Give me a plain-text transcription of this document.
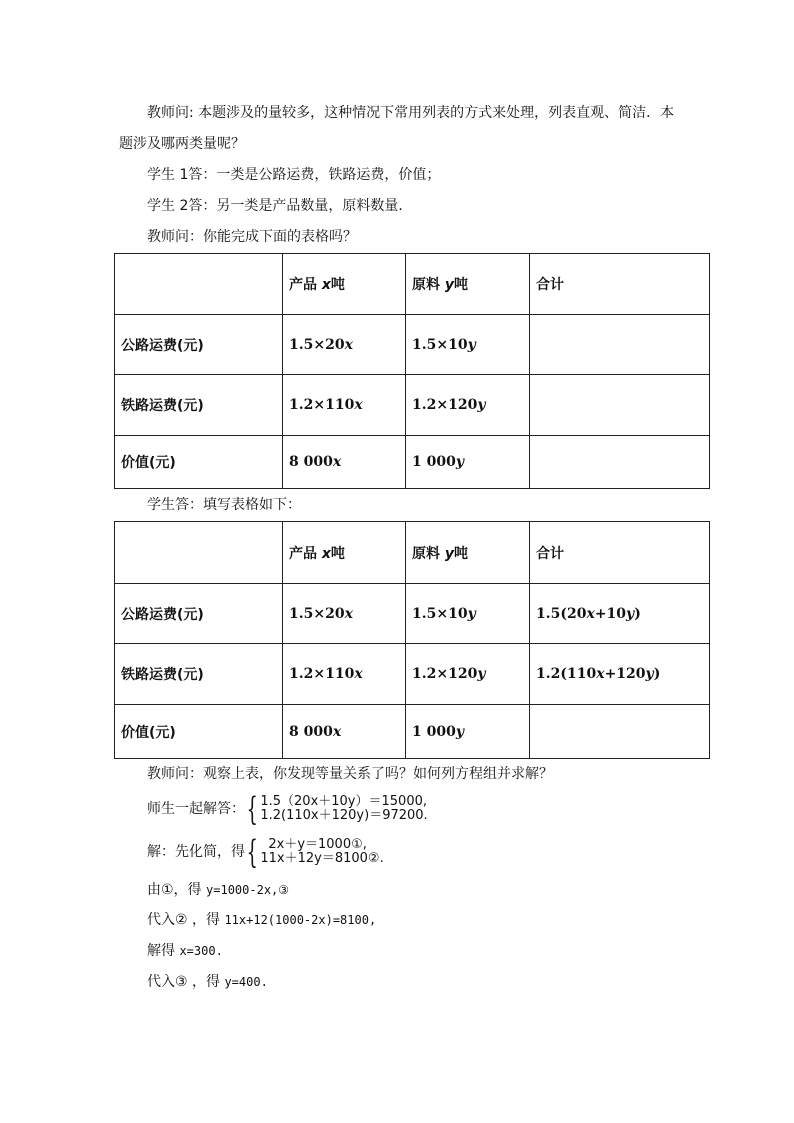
教师问: 本题涉及的量较多，这种情况下常用列表的方式来处理，列表直观、简洁．本
题涉及哪两类量呢？
学生 1答：一类是公路运费，铁路运费，价值；
学生 2答：另一类是产品数量，原料数量．
教师问：你能完成下面的表格吗？
	产品 x吨	原料 y吨	合计
公路运费(元)	1.5×20x	1.5×10y	
铁路运费(元)	1.2×110x	1.2×120y	
价值(元)	8 000x	1 000y	
学生答：填写表格如下：
	产品 x吨	原料 y吨	合计
公路运费(元)	1.5×20x	1.5×10y	1.5(20x+10y)
铁路运费(元)	1.2×110x	1.2×120y	1.2(110x+120y)
价值(元)	8 000x	1 000y	
教师问：观察上表，你发现等量关系了吗？如何列方程组并求解？
师生一起解答： { 1.5（20x＋10y）＝15000,
1.2(110x＋120y)＝97200.
解：先化简，得 { 2x＋y＝1000①,
11x＋12y＝8100②.
由①，得 y=1000-2x,③
代入② ，得 11x+12(1000-2x)=8100,
解得 x=300.
代入③ ，得 y=400.
